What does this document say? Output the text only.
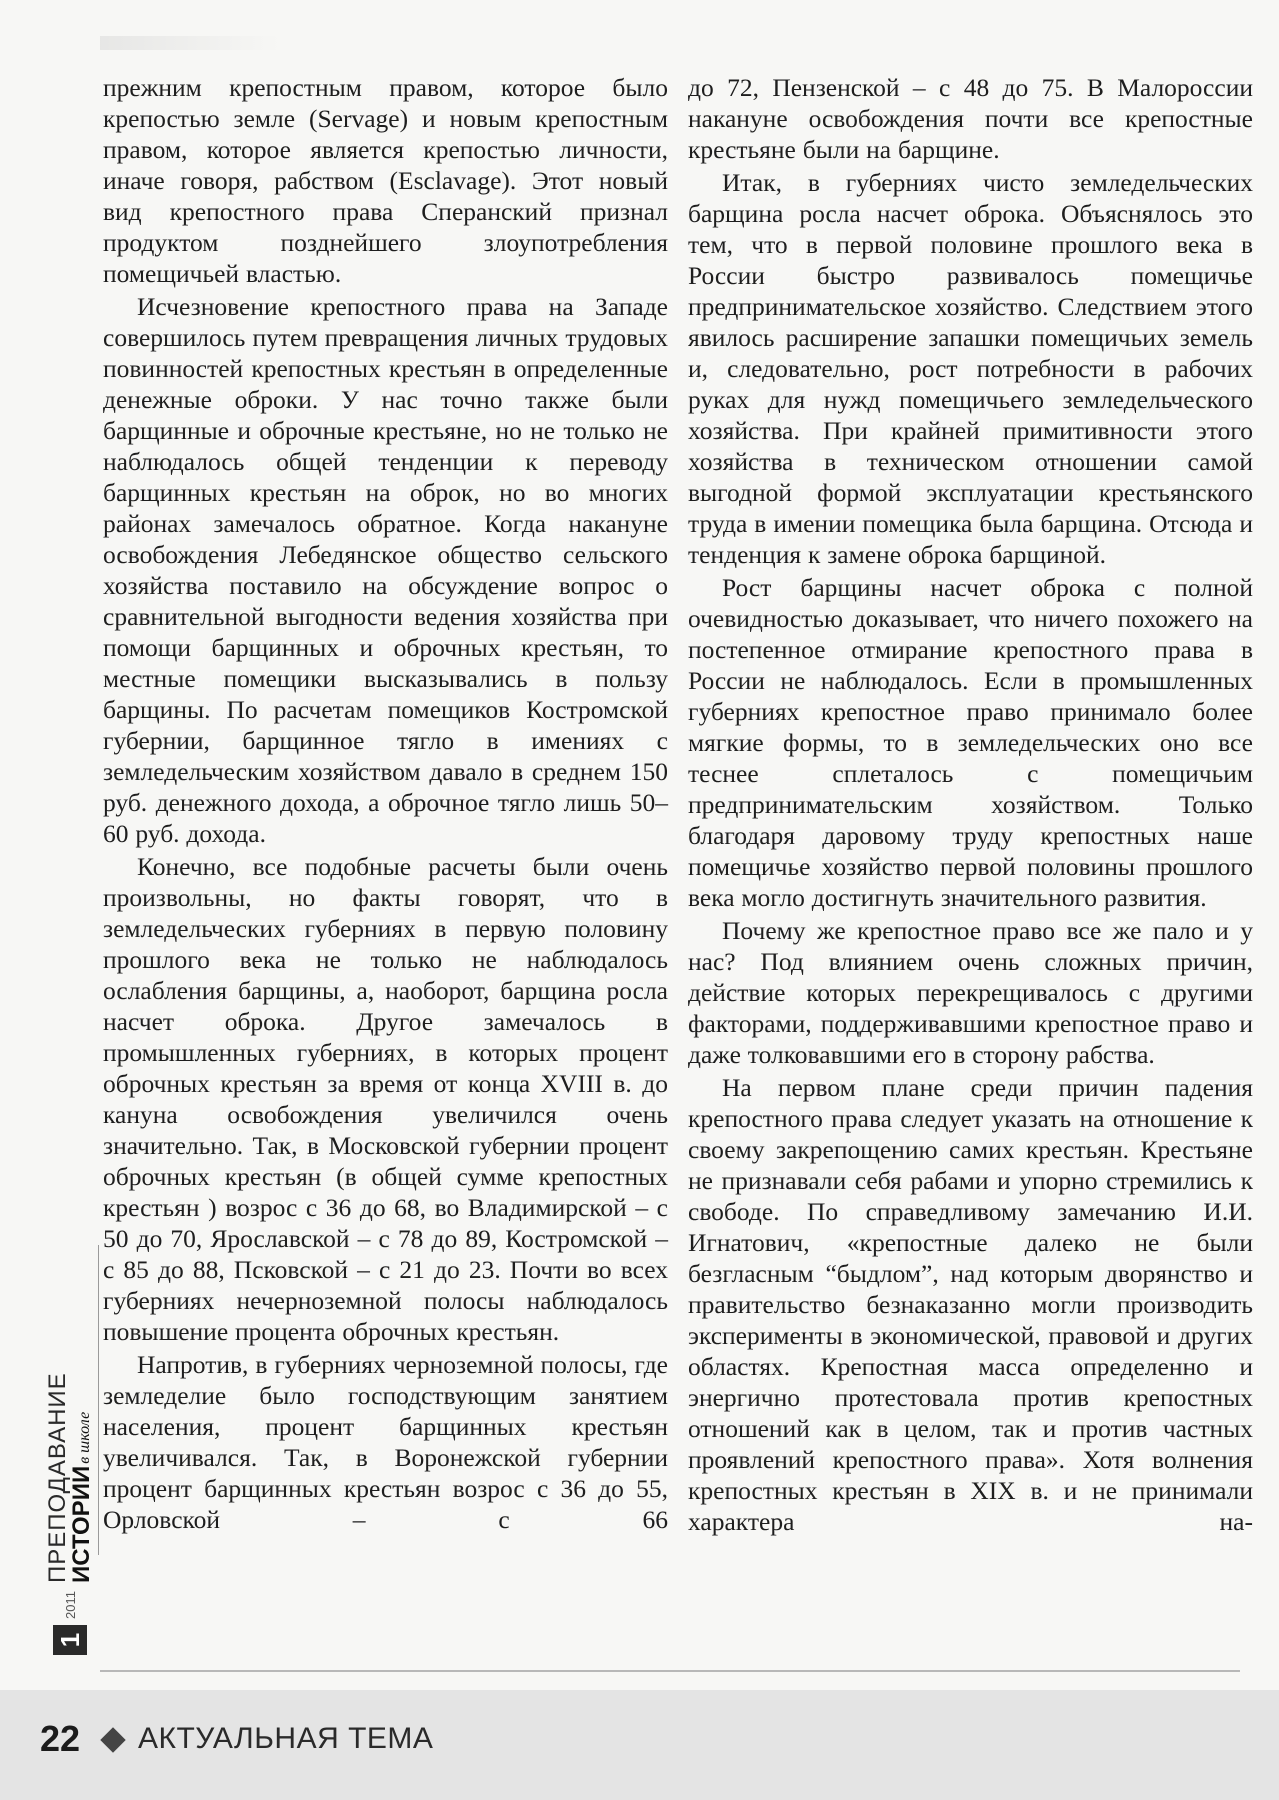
прежним крепостным правом, которое было крепостью земле (Servage) и новым крепостным правом, которое является крепостью личности, иначе говоря, рабством (Esclavage). Этот новый вид крепостного права Сперанский признал продуктом позднейшего злоупотребления помещичьей властью.

Исчезновение крепостного права на Западе совершилось путем превращения личных трудовых повинностей крепостных крестьян в определенные денежные оброки. У нас точно также были барщинные и оброчные крестьяне, но не только не наблюдалось общей тенденции к переводу барщинных крестьян на оброк, но во многих районах замечалось обратное. Когда накануне освобождения Лебедянское общество сельского хозяйства поставило на обсуждение вопрос о сравнительной выгодности ведения хозяйства при помощи барщинных и оброчных крестьян, то местные помещики высказывались в пользу барщины. По расчетам помещиков Костромской губернии, барщинное тягло в имениях с земледельческим хозяйством давало в среднем 150 руб. денежного дохода, а оброчное тягло лишь 50–60 руб. дохода.

Конечно, все подобные расчеты были очень произвольны, но факты говорят, что в земледельческих губерниях в первую половину прошлого века не только не наблюдалось ослабления барщины, а, наоборот, барщина росла насчет оброка. Другое замечалось в промышленных губерниях, в которых процент оброчных крестьян за время от конца XVIII в. до кануна освобождения увеличился очень значительно. Так, в Московской губернии процент оброчных крестьян (в общей сумме крепостных крестьян ) возрос с 36 до 68, во Владимирской – с 50 до 70, Ярославской – с 78 до 89, Костромской – с 85 до 88, Псковской – с 21 до 23. Почти во всех губерниях нечерноземной полосы наблюдалось повышение процента оброчных крестьян.

Напротив, в губерниях черноземной полосы, где земледелие было господствующим занятием населения, процент барщинных крестьян увеличивался. Так, в Воронежской губернии процент барщинных крестьян возрос с 36 до 55, Орловской – с 66

до 72, Пензенской – с 48 до 75. В Малороссии накануне освобождения почти все крепостные крестьяне были на барщине.

Итак, в губерниях чисто земледельческих барщина росла насчет оброка. Объяснялось это тем, что в первой половине прошлого века в России быстро развивалось помещичье предпринимательское хозяйство. Следствием этого явилось расширение запашки помещичьих земель и, следовательно, рост потребности в рабочих руках для нужд помещичьего земледельческого хозяйства. При крайней примитивности этого хозяйства в техническом отношении самой выгодной формой эксплуатации крестьянского труда в имении помещика была барщина. Отсюда и тенденция к замене оброка барщиной.

Рост барщины насчет оброка с полной очевидностью доказывает, что ничего похожего на постепенное отмирание крепостного права в России не наблюдалось. Если в промышленных губерниях крепостное право принимало более мягкие формы, то в земледельческих оно все теснее сплеталось с помещичьим предпринимательским хозяйством. Только благодаря даровому труду крепостных наше помещичье хозяйство первой половины прошлого века могло достигнуть значительного развития.

Почему же крепостное право все же пало и у нас? Под влиянием очень сложных причин, действие которых перекрещивалось с другими факторами, поддерживавшими крепостное право и даже толковавшими его в сторону рабства.

На первом плане среди причин падения крепостного права следует указать на отношение к своему закрепощению самих крестьян. Крестьяне не признавали себя рабами и упорно стремились к свободе. По справедливому замечанию И.И. Игнатович, «крепостные далеко не были безгласным “быдлом”, над которым дворянство и правительство безнаказанно могли производить эксперименты в экономической, правовой и других областях. Крепостная масса определенно и энергично протестовала против крепостных отношений как в целом, так и против частных проявлений крепостного права». Хотя волнения крепостных крестьян в XIX в. и не принимали характера на-

1
2011
ПРЕПОДАВАНИЕ
ИСТОРИИв школе
22 АКТУАЛЬНАЯ ТЕМА
